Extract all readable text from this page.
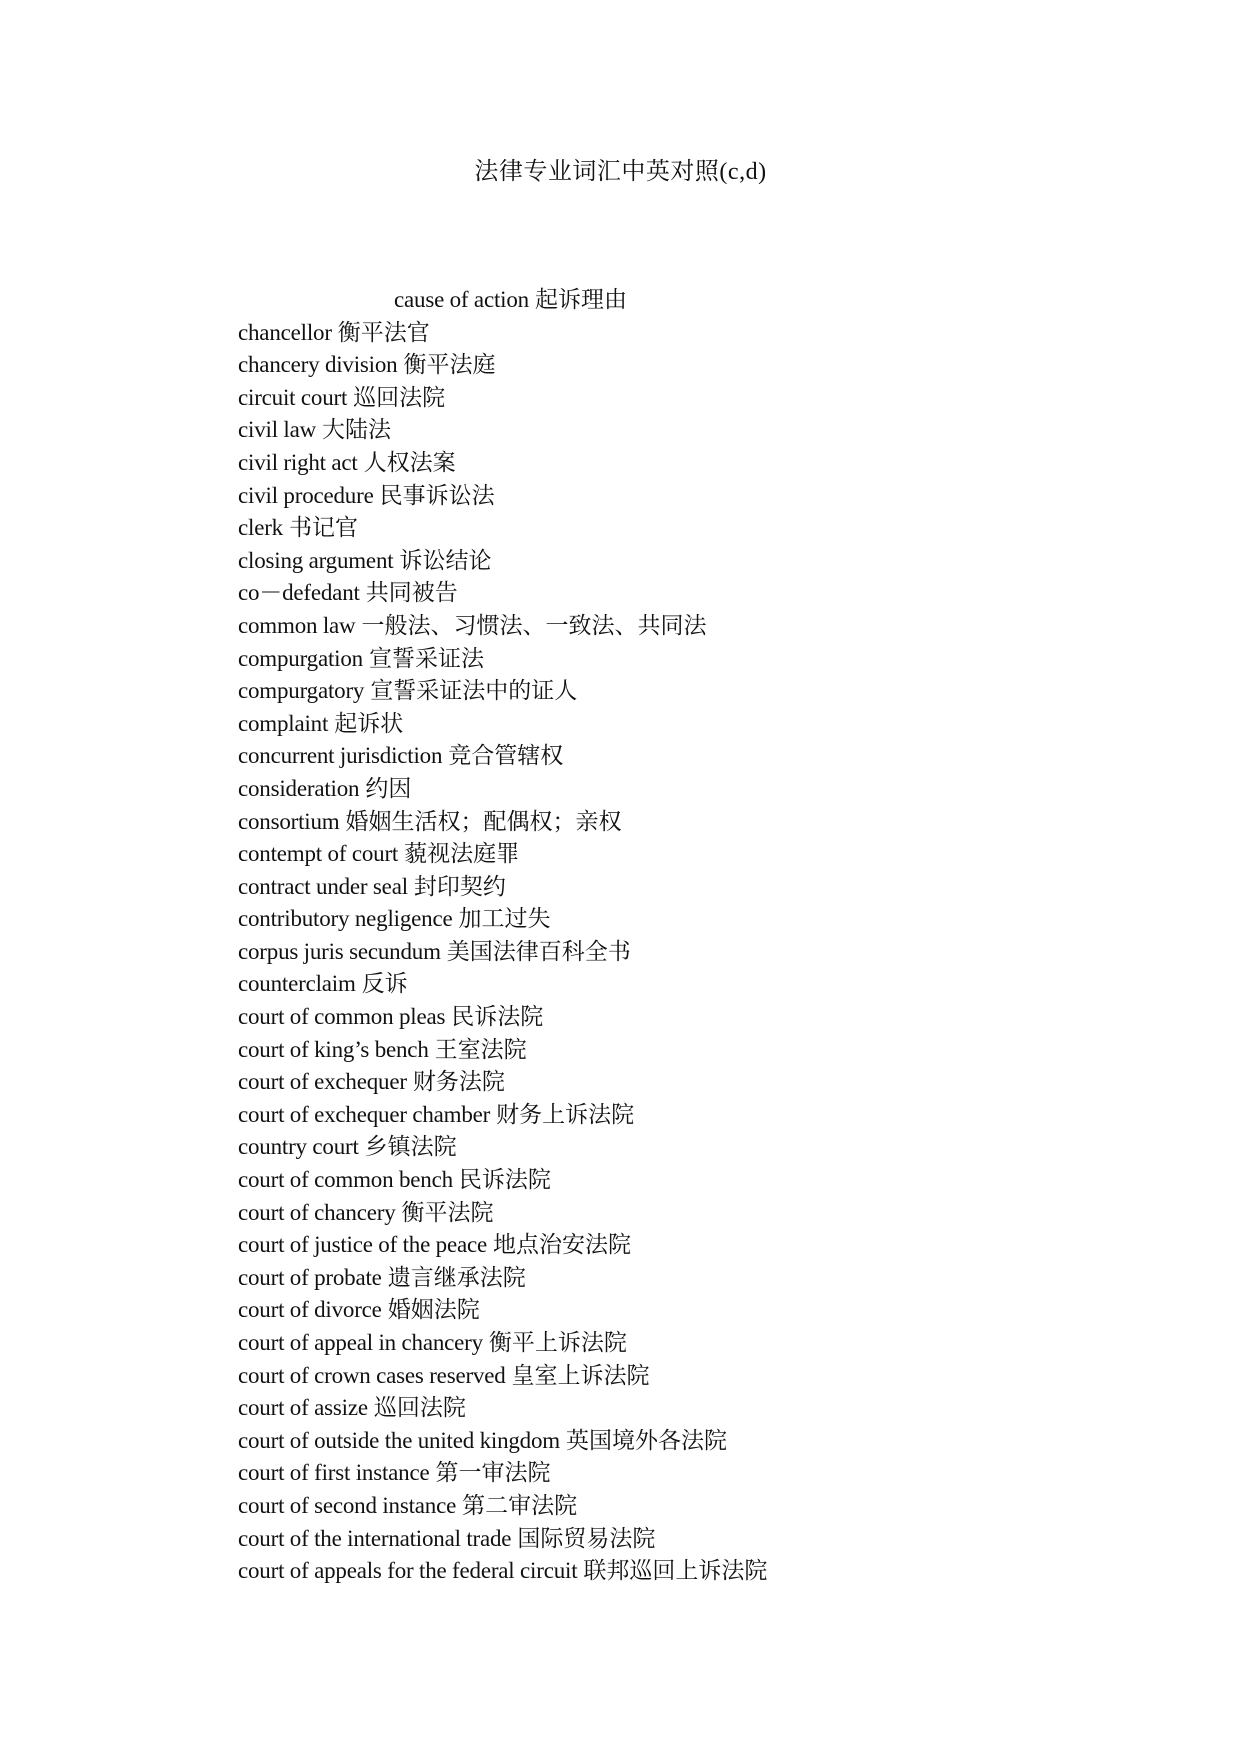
法律专业词汇中英对照(c,d)
cause of action 起诉理由
chancellor 衡平法官
chancery division 衡平法庭
circuit court 巡回法院
civil law 大陆法
civil right act 人权法案
civil procedure 民事诉讼法
clerk 书记官
closing argument 诉讼结论
co－defedant 共同被告
common law 一般法、习惯法、一致法、共同法
compurgation 宣誓采证法
compurgatory 宣誓采证法中的证人
complaint 起诉状
concurrent jurisdiction 竞合管辖权
consideration 约因
consortium 婚姻生活权；配偶权；亲权
contempt of court 藐视法庭罪
contract under seal 封印契约
contributory negligence 加工过失
corpus juris secundum 美国法律百科全书
counterclaim 反诉
court of common pleas 民诉法院
court of king’s bench 王室法院
court of exchequer 财务法院
court of exchequer chamber 财务上诉法院
country court 乡镇法院
court of common bench 民诉法院
court of chancery 衡平法院
court of justice of the peace 地点治安法院
court of probate 遗言继承法院
court of divorce 婚姻法院
court of appeal in chancery 衡平上诉法院
court of crown cases reserved 皇室上诉法院
court of assize 巡回法院
court of outside the united kingdom 英国境外各法院
court of first instance 第一审法院
court of second instance 第二审法院
court of the international trade 国际贸易法院
court of appeals for the federal circuit 联邦巡回上诉法院
